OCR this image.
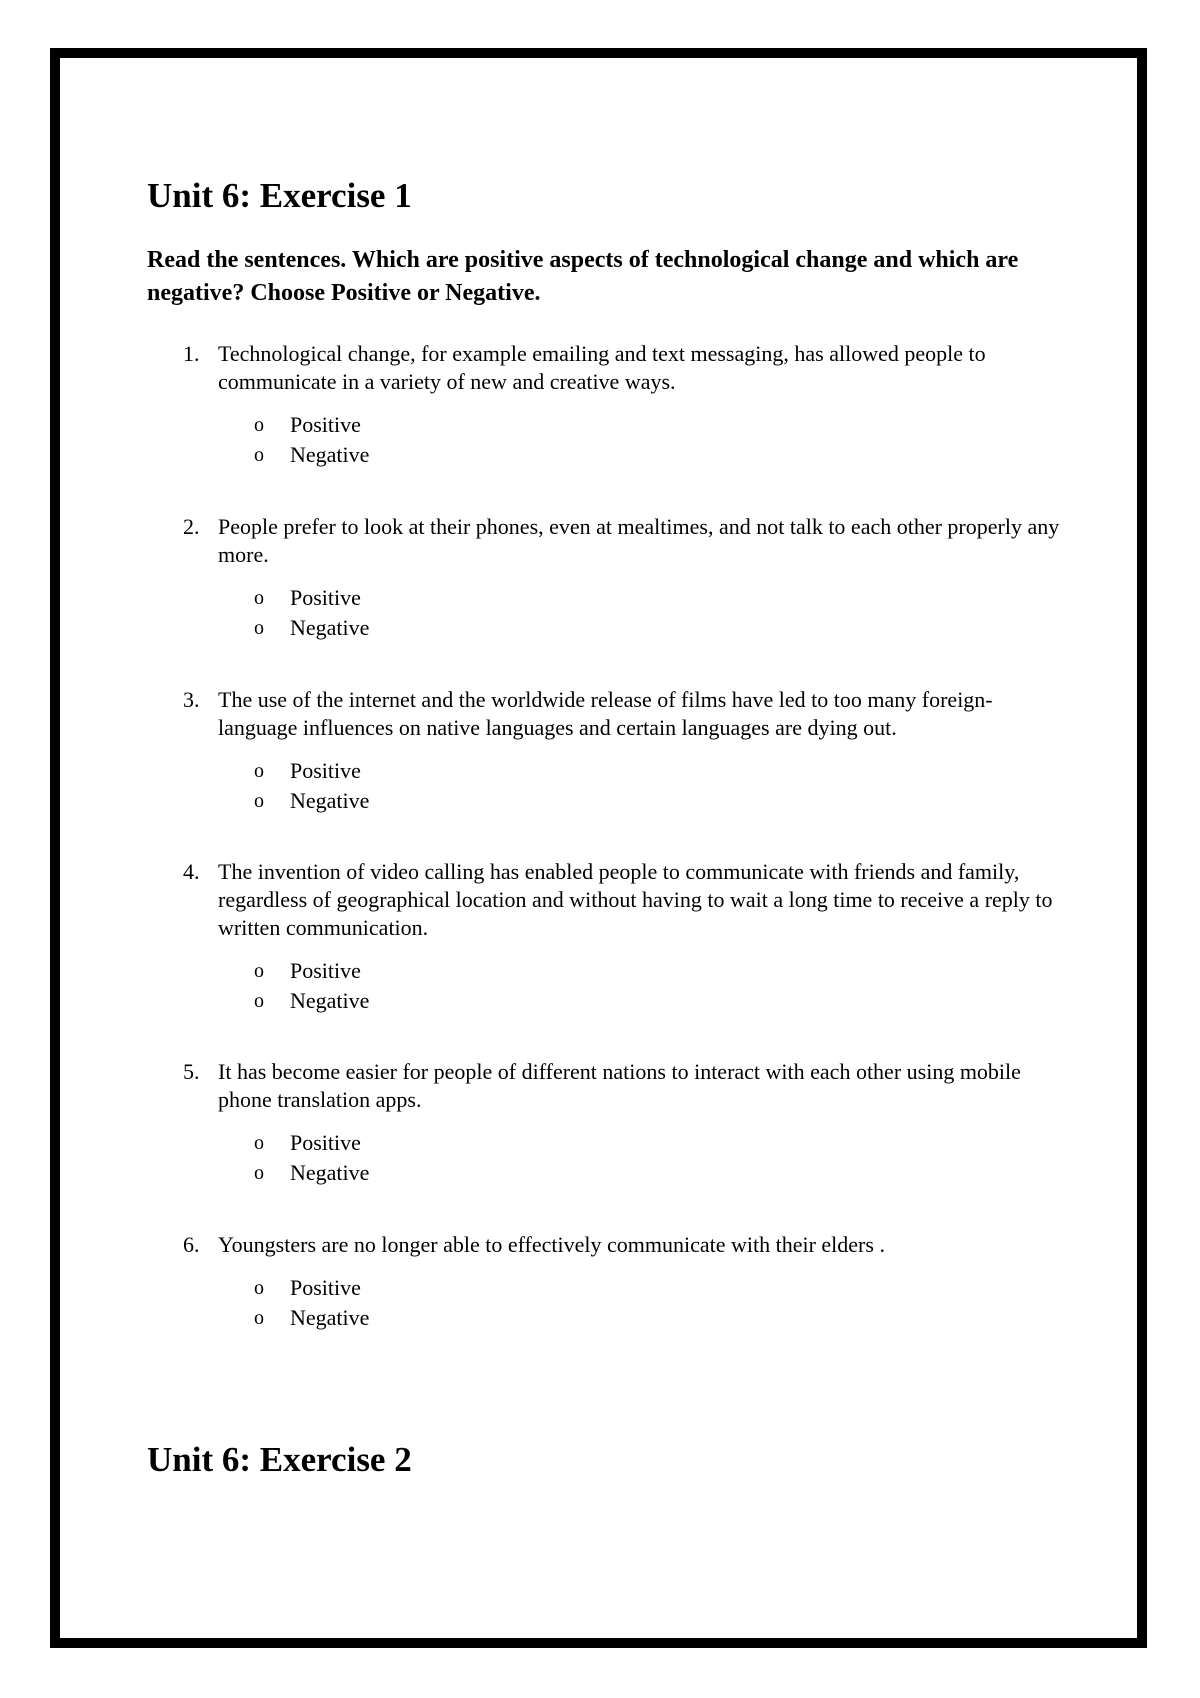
Unit 6: Exercise 1
Read the sentences. Which are positive aspects of technological change and which are negative? Choose Positive or Negative.
1. Technological change, for example emailing and text messaging, has allowed people to communicate in a variety of new and creative ways.
o Positive
o Negative
2. People prefer to look at their phones, even at mealtimes, and not talk to each other properly any more.
o Positive
o Negative
3. The use of the internet and the worldwide release of films have led to too many foreign-language influences on native languages and certain languages are dying out.
o Positive
o Negative
4. The invention of video calling has enabled people to communicate with friends and family, regardless of geographical location and without having to wait a long time to receive a reply to written communication.
o Positive
o Negative
5. It has become easier for people of different nations to interact with each other using mobile phone translation apps.
o Positive
o Negative
6. Youngsters are no longer able to effectively communicate with their elders .
o Positive
o Negative
Unit 6: Exercise 2
